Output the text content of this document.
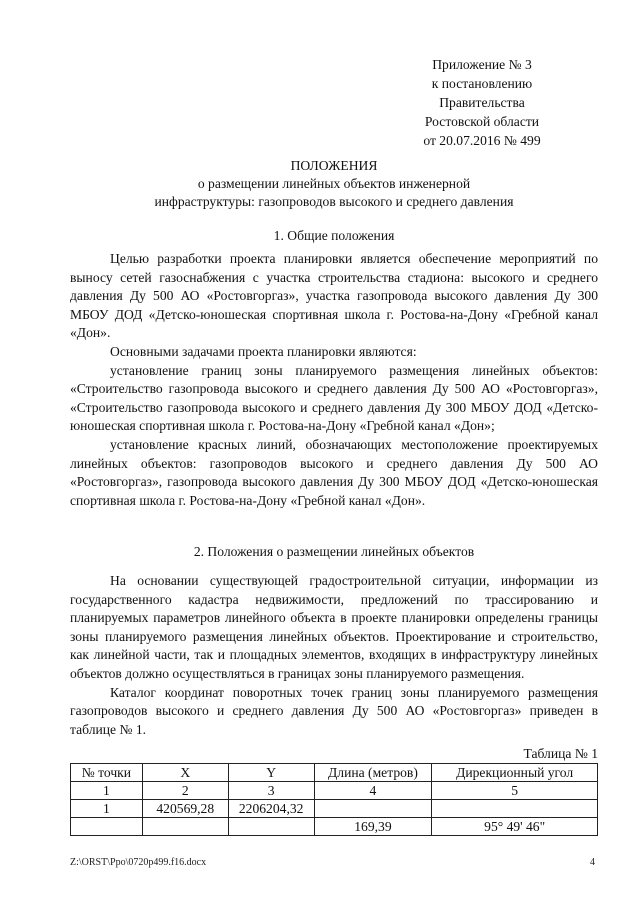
Приложение № 3
к постановлению
Правительства
Ростовской области
от 20.07.2016 № 499
ПОЛОЖЕНИЯ
о размещении линейных объектов инженерной
инфраструктуры: газопроводов высокого и среднего давления
1. Общие положения

Целью разработки проекта планировки является обеспечение мероприятий по выносу сетей газоснабжения с участка строительства стадиона: высокого и среднего давления Ду 500 АО «Ростовгоргаз», участка газопровода высокого давления Ду 300 МБОУ ДОД «Детско-юношеская спортивная школа г. Ростова-на-Дону «Гребной канал «Дон».

Основными задачами проекта планировки являются:

установление границ зоны планируемого размещения линейных объектов: «Строительство газопровода высокого и среднего давления Ду 500 АО «Ростовгоргаз», «Строительство газопровода высокого и среднего давления Ду 300 МБОУ ДОД «Детско-юношеская спортивная школа г. Ростова-на-Дону «Гребной канал «Дон»;

установление красных линий, обозначающих местоположение проектируемых линейных объектов: газопроводов высокого и среднего давления Ду 500 АО «Ростовгоргаз», газопровода высокого давления Ду 300 МБОУ ДОД «Детско-юношеская спортивная школа г. Ростова-на-Дону «Гребной канал «Дон».

2. Положения о размещении линейных объектов

На основании существующей градостроительной ситуации, информации из государственного кадастра недвижимости, предложений по трассированию и планируемых параметров линейного объекта в проекте планировки определены границы зоны планируемого размещения линейных объектов. Проектирование и строительство, как линейной части, так и площадных элементов, входящих в инфраструктуру линейных объектов должно осуществляться в границах зоны планируемого размещения.

Каталог координат поворотных точек границ зоны планируемого размещения газопроводов высокого и среднего давления Ду 500 АО «Ростовгоргаз» приведен в таблице № 1.

Таблица № 1
№ точки	X	Y	Длина (метров)	Дирекционный угол
1	2	3	4	5
1	420569,28	2206204,32		
			169,39	95° 49' 46"
Z:\ORST\Ppo\0720p499.f16.docx	4
